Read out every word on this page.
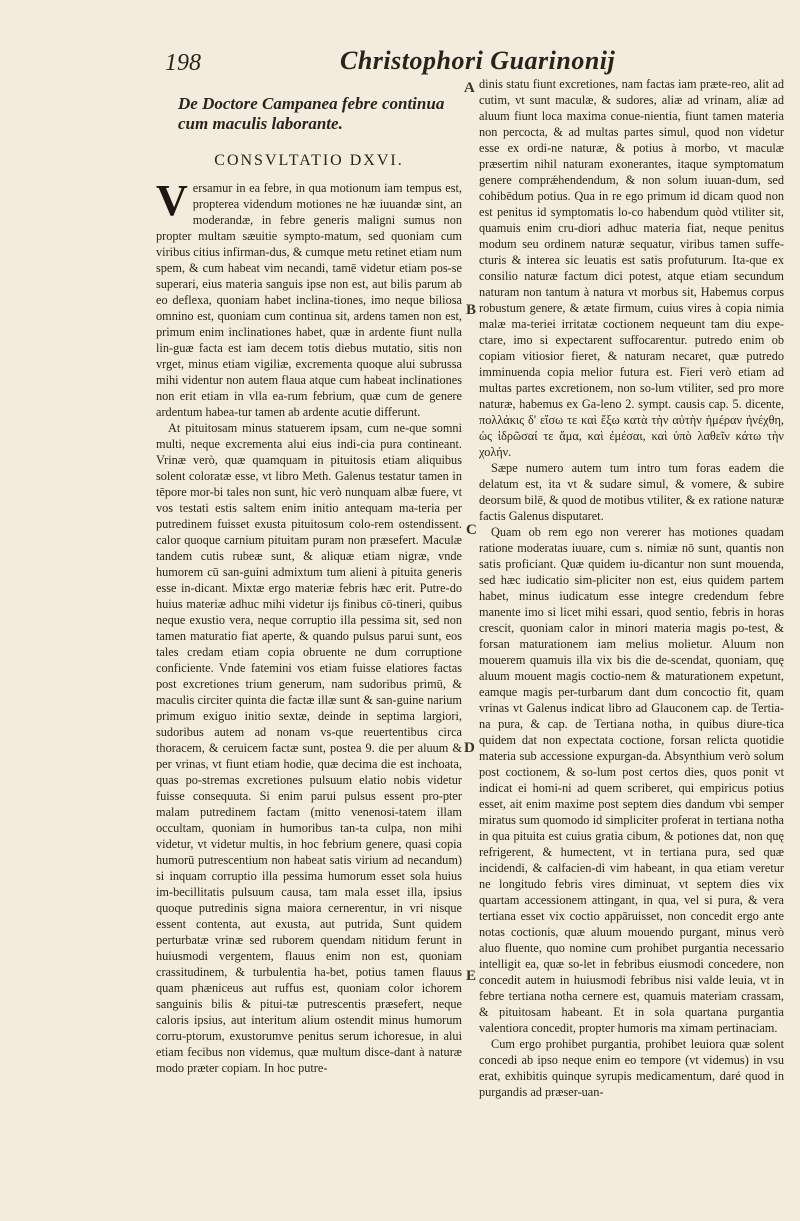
198	Christophori Guarinonij
A
B
C
D
E
De Doctore Campanea febre continua cum maculis laborante.
CONSVLTATIO DXVI.

Versamur in ea febre, in qua motionum iam tempus est, propterea videndum motiones ne hæ iuuandæ sint, an moderandæ, in febre generis maligni sumus non propter multam sæuitie sympto-matum, sed quoniam cum viribus citius infirman-dus, & cumque metu retinet etiam num spem, & cum habeat vim necandi, tamē videtur etiam pos-se superari, eius materia sanguis ipse non est, aut bilis parum ab eo deflexa, quoniam habet inclina-tiones, imo neque biliosa omnino est, quoniam cum continua sit, ardens tamen non est, primum enim inclinationes habet, quæ in ardente fiunt nulla lin-guæ facta est iam decem totis diebus mutatio, sitis non vrget, minus etiam vigiliæ, excrementa quoque alui subrussa mihi videntur non autem flaua atque cum habeat inclinationes non erit etiam in vlla ea-rum febrium, quæ cum de genere ardentum habea-tur tamen ab ardente acutie differunt.

At pituitosam minus statuerem ipsam, cum ne-que somni multi, neque excrementa alui eius indi-cia pura contineant. Vrinæ verò, quæ quamquam in pituitosis etiam aliquibus solent coloratæ esse, vt libro Meth. Galenus testatur tamen in tēpore mor-bi tales non sunt, hic verò nunquam albæ fuere, vt vos testati estis saltem enim initio antequam ma-teria per putredinem fuisset exusta pituitosum colo-rem ostendissent. calor quoque carnium pituitam puram non præsefert. Maculæ tandem cutis rubeæ sunt, & aliquæ etiam nigræ, vnde humorem cū san-guini admixtum tum alieni à pituita generis esse in-dicant. Mixtæ ergo materiæ febris hæc erit. Putre-do huius materiæ adhuc mihi videtur ijs finibus cō-tineri, quibus neque exustio vera, neque corruptio illa pessima sit, sed non tamen maturatio fiat aperte, & quando pulsus parui sunt, eos tales credam etiam copia obruente ne dum corruptione conficiente. Vnde fatemini vos etiam fuisse elatiores factas post excretiones trium generum, nam sudoribus primū, & maculis circiter quinta die factæ illæ sunt & san-guine narium primum exiguo initio sextæ, deinde in septima largiori, sudoribus autem ad nonam vs-que reuertentibus circa thoracem, & ceruicem factæ sunt, postea 9. die per aluum & per vrinas, vt fiunt etiam hodie, quæ decima die est inchoata, quas po-stremas excretiones pulsuum elatio nobis videtur fuisse consequuta. Si enim parui pulsus essent pro-pter malam putredinem factam (mitto venenosi-tatem illam occultam, quoniam in humoribus tan-ta culpa, non mihi videtur, vt videtur multis, in hoc febrium genere, quasi copia humorū putrescentium non habeat satis virium ad necandum) si inquam corruptio illa pessima humorum esset sola huius im-becillitatis pulsuum causa, tam mala esset illa, ipsius quoque putredinis signa maiora cernerentur, in vri nisque essent contenta, aut exusta, aut putrida, Sunt quidem perturbatæ vrinæ sed ruborem quendam nitidum ferunt in huiusmodi vergentem, flauus enim non est, quoniam crassitudinem, & turbulentia ha-bet, potius tamen flauus quam phæniceus aut ruffus est, quoniam color ichorem sanguinis bilis & pitui-tæ putrescentis præsefert, neque caloris ipsius, aut interitum alium ostendit minus humorum corru-ptorum, exustorumve penitus serum ichoresue, in alui etiam fecibus non videmus, quæ multum disce-dant à naturæ modo præter copiam. In hoc putre-

dinis statu fiunt excretiones, nam factas iam præte-reo, alit ad cutim, vt sunt maculæ, & sudores, aliæ ad vrinam, aliæ ad aluum fiunt loca maxima conue-nientia, fiunt tamen materia non percocta, & ad multas partes simul, quod non videtur esse ex ordi-ne naturæ, & potius à morbo, vt maculæ præsertim nihil naturam exonerantes, itaque symptomatum genere comprǽhendendum, & non solum iuuan-dum, sed cohibēdum potius. Qua in re ego primum id dicam quod non est penitus id symptomatis lo-co habendum quòd vtiliter sit, quamuis enim cru-diori adhuc materia fiat, neque penitus modum seu ordinem naturæ sequatur, viribus tamen suffe-cturis & interea sic leuatis est satis profuturum. Ita-que ex consilio naturæ factum dici potest, atque etiam secundum naturam non tantum à natura vt morbus sit, Habemus corpus robustum genere, & ætate firmum, cuius vires à copia nimia malæ ma-teriei irritatæ coctionem nequeunt tam diu expe-ctare, imo si expectarent suffocarentur. putredo enim ob copiam vitiosior fieret, & naturam necaret, quæ putredo imminuenda copia melior futura est. Fieri verò etiam ad multas partes excretionem, non so-lum vtiliter, sed pro more naturæ, habemus ex Ga-leno 2. sympt. causis cap. 5. dicente, πολλάκις δ' εἴσω τε καὶ ἔξω κατὰ τὴν αὐτὴν ἡμέραν ἠνέχθη, ὡς ἱδρῶσαί τε ἅμα, καὶ ἐμέσαι, καὶ ὑπὸ λαθεῖν κάτω τὴν χολήν.

Sæpe numero autem tum intro tum foras eadem die delatum est, ita vt & sudare simul, & vomere, & subire deorsum bilē, & quod de motibus vtiliter, & ex ratione naturæ factis Galenus disputaret.

Quam ob rem ego non vererer has motiones quadam ratione moderatas iuuare, cum s. nimiæ nō sunt, quantis non satis proficiant. Quæ quidem iu-dicantur non sunt mouenda, sed hæc iudicatio sim-pliciter non est, eius quidem partem habet, minus iudicatum esse integre credendum febre manente imo si licet mihi essari, quod sentio, febris in horas crescit, quoniam calor in minori materia magis po-test, & forsan maturationem iam melius molietur. Aluum non mouerem quamuis illa vix bis die de-scendat, quoniam, quę aluum mouent magis coctio-nem & maturationem expetunt, eamque magis per-turbarum dant dum concoctio fit, quam vrinas vt Galenus indicat libro ad Glauconem cap. de Tertia-na pura, & cap. de Tertiana notha, in quibus diure-tica quidem dat non expectata coctione, forsan relicta quotidie materia sub accessione expurgan-da. Absynthium verò solum post coctionem, & so-lum post certos dies, quos ponit vt indicat ei homi-ni ad quem scriberet, qui empiricus potius esset, ait enim maxime post septem dies dandum vbi semper miratus sum quomodo id simpliciter proferat in tertiana notha in qua pituita est cuius gratia cibum, & potiones dat, non quę refrigerent, & humectent, vt in tertiana pura, sed quæ incidendi, & calfacien-di vim habeant, in qua etiam veretur ne longitudo febris vires diminuat, vt septem dies vix quartam accessionem attingant, in qua, vel si pura, & vera tertiana esset vix coctio appāruisset, non concedit ergo ante notas coctionis, quæ aluum mouendo purgant, minus verò aluo fluente, quo nomine cum prohibet purgantia necessario intelligit ea, quæ so-let in febribus eiusmodi concedere, non concedit autem in huiusmodi febribus nisi valde leuia, vt in febre tertiana notha cernere est, quamuis materiam crassam, & pituitosam habeant. Et in sola quartana purgantia valentiora concedit, propter humoris ma ximam pertinaciam.

Cum ergo prohibet purgantia, prohibet leuiora quæ solent concedi ab ipso neque enim eo tempore (vt videmus) in vsu erat, exhibitis quinque syrupis medicamentum, daré quod in purgandis ad præser-uan-
